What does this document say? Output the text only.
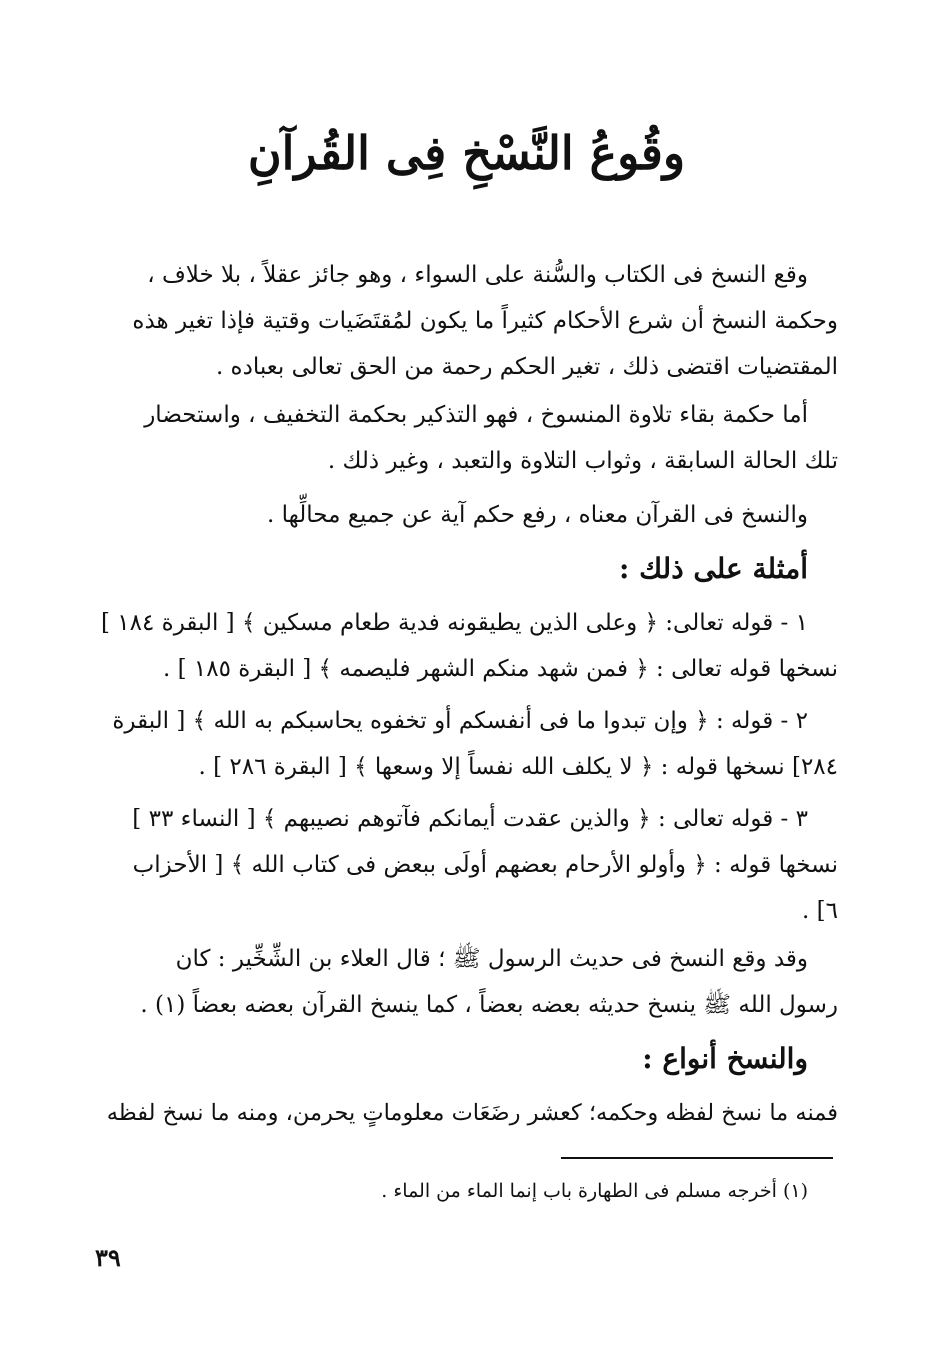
وقُوعُ النَّسْخِ فِى القُرآنِ
وقع النسخ فى الكتاب والسُّنة على السواء ، وهو جائز عقلاً ، بلا خلاف ،
وحكمة النسخ أن شرع الأحكام كثيراً ما يكون لمُقتَضَيات وقتية فإذا تغير هذه
المقتضيات اقتضى ذلك ، تغير الحكم رحمة من الحق تعالى بعباده .
أما حكمة بقاء تلاوة المنسوخ ، فهو التذكير بحكمة التخفيف ، واستحضار
تلك الحالة السابقة ، وثواب التلاوة والتعبد ، وغير ذلك .
والنسخ فى القرآن معناه ، رفع حكم آية عن جميع محالِّها .
أمثلة على ذلك :
١ - قوله تعالى: ﴿ وعلى الذين يطيقونه فدية طعام مسكين ﴾ [ البقرة ١٨٤ ]
نسخها قوله تعالى : ﴿ فمن شهد منكم الشهر فليصمه ﴾ [ البقرة ١٨٥ ] .
٢ - قوله : ﴿ وإن تبدوا ما فى أنفسكم أو تخفوه يحاسبكم به الله ﴾ [ البقرة
٢٨٤] نسخها قوله : ﴿ لا يكلف الله نفساً إلا وسعها ﴾ [ البقرة ٢٨٦ ] .
٣ - قوله تعالى : ﴿ والذين عقدت أيمانكم فآتوهم نصيبهم ﴾ [ النساء ٣٣ ]
نسخها قوله : ﴿ وأولو الأرحام بعضهم أولَى ببعض فى كتاب الله ﴾ [ الأحزاب
٦] .
وقد وقع النسخ فى حديث الرسول ﷺ ؛ قال العلاء بن الشِّخِّير : كان
رسول الله ﷺ ينسخ حديثه بعضه بعضاً ، كما ينسخ القرآن بعضه بعضاً (١) .
والنسخ أنواع :
فمنه ما نسخ لفظه وحكمه؛ كعشر رضَعَات معلوماتٍ يحرمن، ومنه ما نسخ لفظه
(١) أخرجه مسلم فى الطهارة باب إنما الماء من الماء .
٣٩
